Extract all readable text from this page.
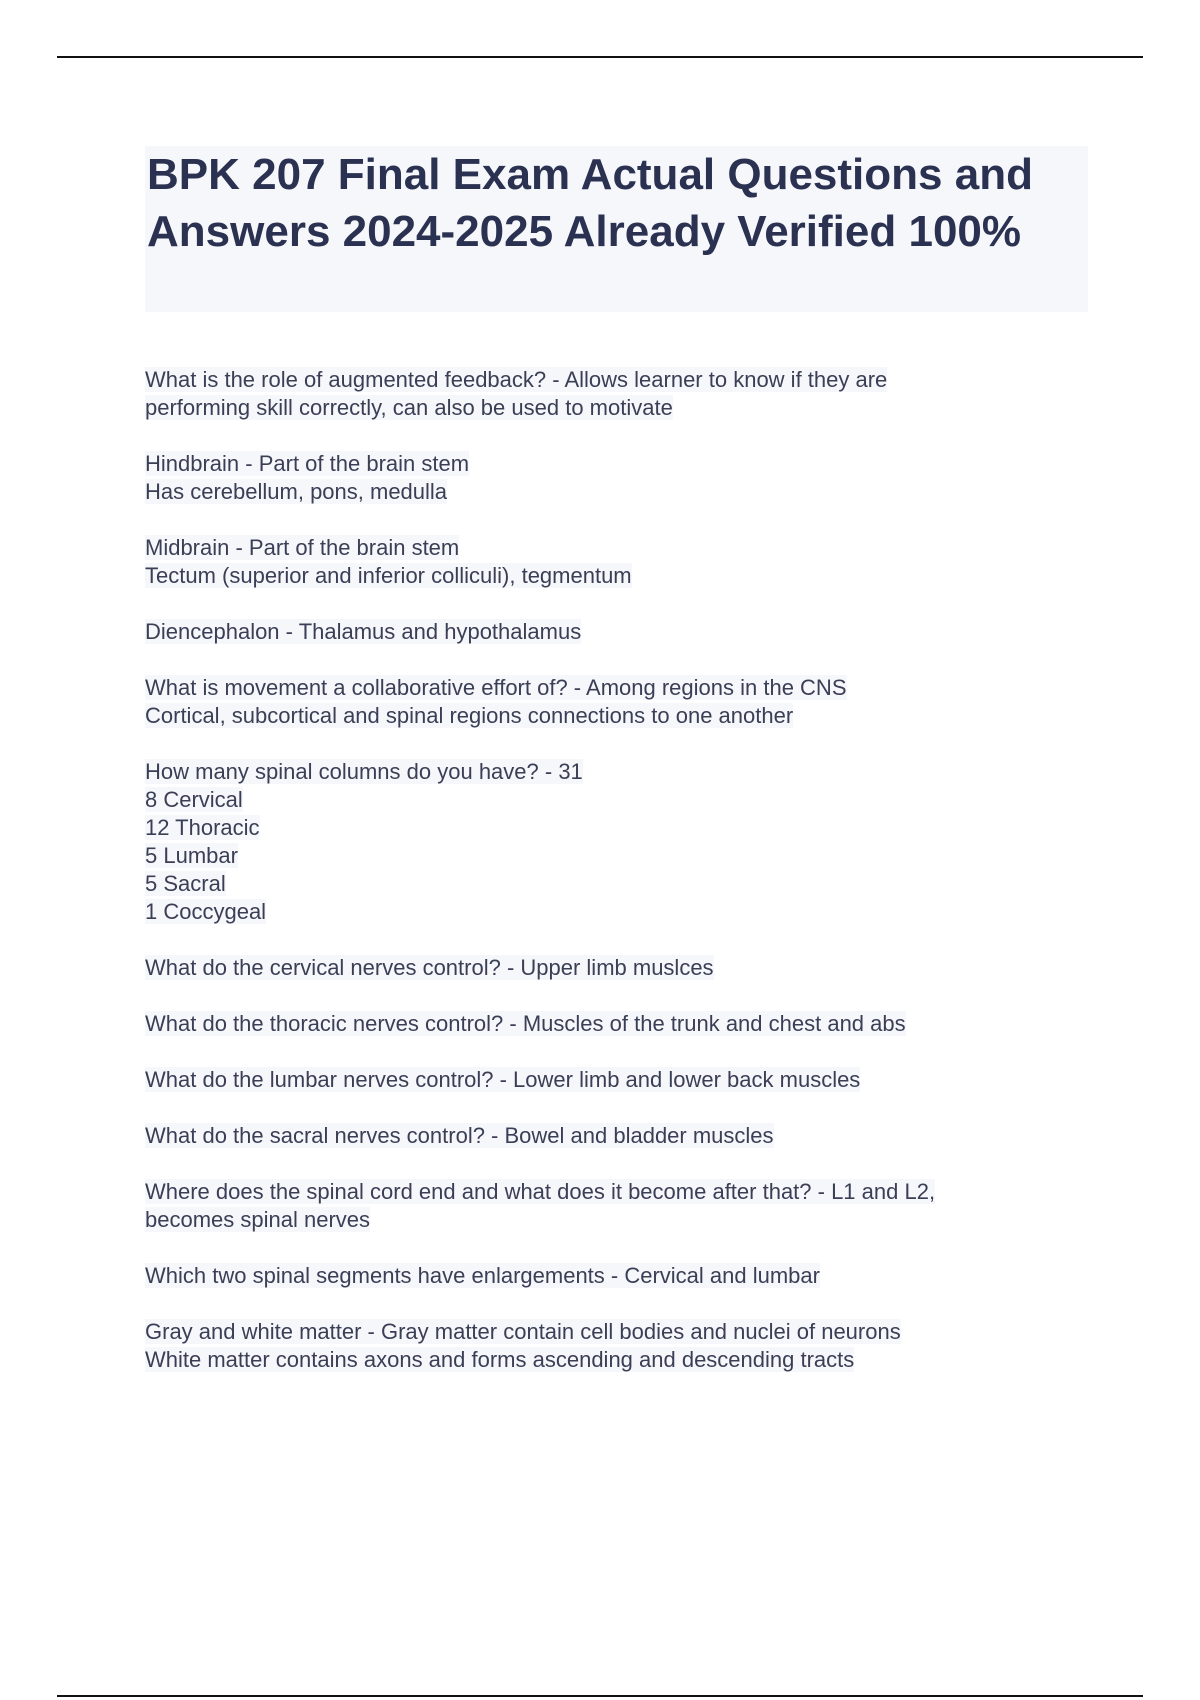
BPK 207 Final Exam Actual Questions and Answers 2024-2025 Already Verified 100%
What is the role of augmented feedback? - Allows learner to know if they are
performing skill correctly, can also be used to motivate
Hindbrain - Part of the brain stem
Has cerebellum, pons, medulla
Midbrain - Part of the brain stem
Tectum (superior and inferior colliculi), tegmentum
Diencephalon - Thalamus and hypothalamus
What is movement a collaborative effort of? - Among regions in the CNS
Cortical, subcortical and spinal regions connections to one another
How many spinal columns do you have? - 31
8 Cervical
12 Thoracic
5 Lumbar
5 Sacral
1 Coccygeal
What do the cervical nerves control? - Upper limb muslces
What do the thoracic nerves control? - Muscles of the trunk and chest and abs
What do the lumbar nerves control? - Lower limb and lower back muscles
What do the sacral nerves control? - Bowel and bladder muscles
Where does the spinal cord end and what does it become after that? - L1 and L2,
becomes spinal nerves
Which two spinal segments have enlargements - Cervical and lumbar
Gray and white matter - Gray matter contain cell bodies and nuclei of neurons
White matter contains axons and forms ascending and descending tracts
